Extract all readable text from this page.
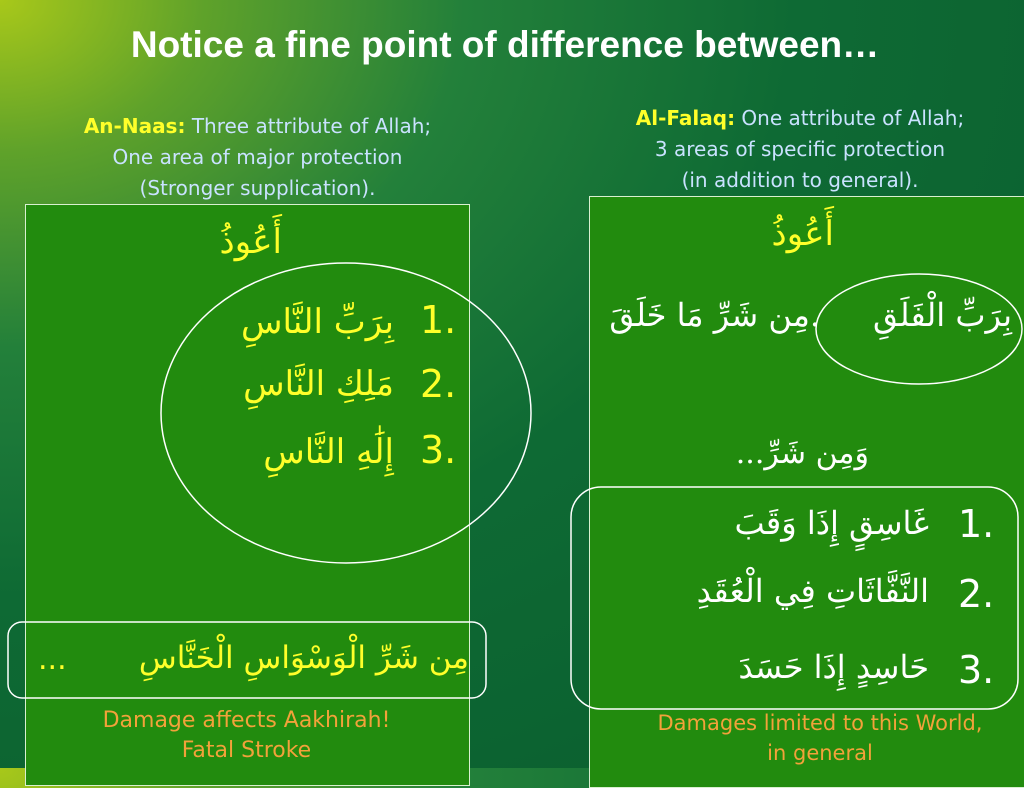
Notice a fine point of difference between…
An-Naas: Three attribute of Allah;
One area of major protection
(Stronger supplication).
Al-Falaq: One attribute of Allah;
3 areas of specific protection
(in addition to general).
أَعُوذُ
1.
بِرَبِّ النَّاسِ
2.
مَلِكِ النَّاسِ
3.
إِلَٰهِ النَّاسِ
مِن شَرِّ الْوَسْوَاسِ الْخَنَّاسِ
...
Damage affects Aakhirah!
Fatal Stroke
أَعُوذُ
بِرَبِّ الْفَلَقِ
.مِن شَرِّ مَا خَلَقَ
وَمِن شَرِّ...
1.
غَاسِقٍ إِذَا وَقَبَ
2.
النَّفَّاثَاتِ فِي الْعُقَدِ
3.
حَاسِدٍ إِذَا حَسَدَ
Damages limited to this World,
in general
